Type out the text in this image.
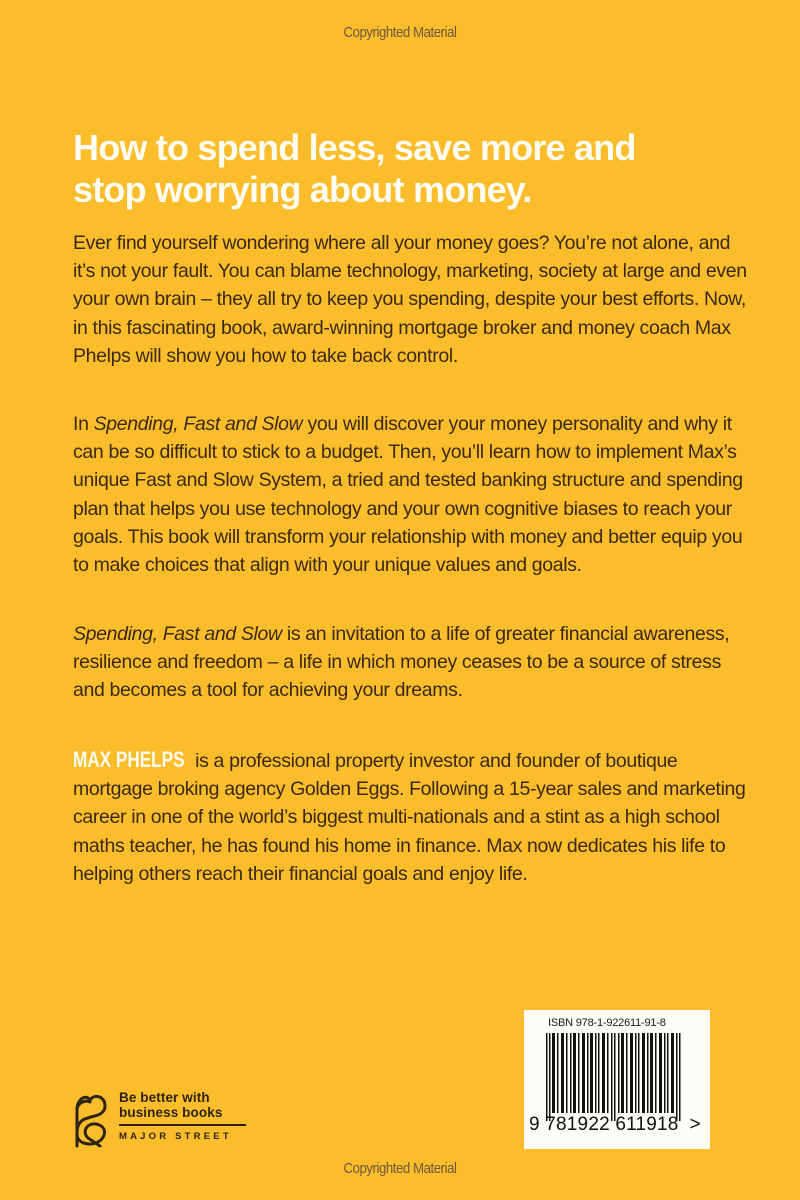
Copyrighted Material
How to spend less, save more and
stop worrying about money.

Ever find yourself wondering where all your money goes? You’re not alone, and it’s not your fault. You can blame technology, marketing, society at large and even your own brain – they all try to keep you spending, despite your best efforts. Now, in this fascinating book, award-winning mortgage broker and money coach Max Phelps will show you how to take back control.

In Spending, Fast and Slow you will discover your money personality and why it can be so difficult to stick to a budget. Then, you’ll learn how to implement Max’s unique Fast and Slow System, a tried and tested banking structure and spending plan that helps you use technology and your own cognitive biases to reach your goals. This book will transform your relationship with money and better equip you to make choices that align with your unique values and goals.

Spending, Fast and Slow is an invitation to a life of greater financial awareness, resilience and freedom – a life in which money ceases to be a source of stress and becomes a tool for achieving your dreams.

MAX PHELPS is a professional property investor and founder of boutique mortgage broking agency Golden Eggs. Following a 15-year sales and marketing career in one of the world’s biggest multi-nationals and a stint as a high school maths teacher, he has found his home in finance. Max now dedicates his life to helping others reach their financial goals and enjoy life.

Be better with
business books
MAJOR STREET
ISBN 978-1-922611-91-8
9 781922 611918  >
Copyrighted Material
